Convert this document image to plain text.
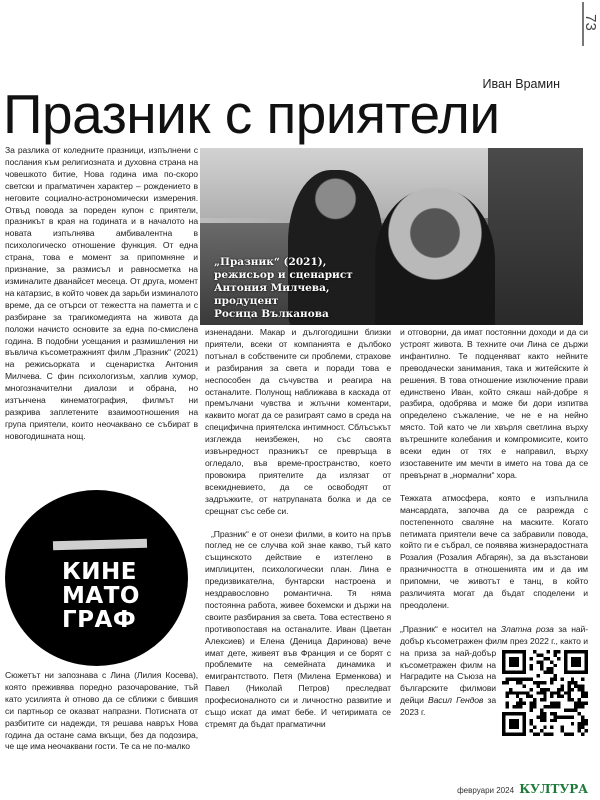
73
Иван Врамин
Празник с приятели

За разлика от коледните празници, изпълнени с послания към религиозната и духовна страна на човешкото битие, Нова година има по-скоро светски и прагматичен характер – рождението в неговите социално-астрономически измерения. Отвъд повода за пореден купон с приятели, празникът в края на годината и в началото на новата изпълнява амбивалентна в психологическо отношение функция. От една страна, това е момент за припомняне и признание, за размисъл и равносметка на изминалите дванайсет месеца. От друга, момент на катарзис, в който човек да зарьби изминалото време, да се отърси от тежестта на паметта и с разбиране за трагикомедията на живота да положи начисто основите за една по-смислена година. В подобни усещания и размишления ни въвлича късометражният филм „Празник“ (2021) на режисьорката и сценаристка Антония Милчева. С фин психологизъм, хаплив хумор, многозначителни диалози и обрана, но изтънчена кинематография, филмът ни разкрива заплетените взаимоотношения на група приятели, които неочаквано се събират в новогодишната нощ.

КИНЕ
МАТО
ГРАФ

Сюжетът ни запознава с Лина (Лилия Косева), която преживява поредно разочарование, тъй като усилията ѝ отново да се сближи с бившия си партньор се оказват напразни. Потисната от разбитите си надежди, тя решава навръх Нова година да остане сама вкъщи, без да подозира, че ще има неочаквани гости. Те са не по-малко

„Празник“ (2021),
режисьор и сценарист
Антония Милчева,
продуцент
Росица Вълканова

изненадани. Макар и дългогодишни близки приятели, всеки от компанията е дълбоко потънал в собствените си проблеми, страхове и разбирания за света и поради това е неспособен да съчувства и реагира на останалите. Полунощ наближава в каскада от премълчани чувства и жлъчни коментари, каквито могат да се разиграят само в среда на специфична приятелска интимност. Сблъсъкът изглежда неизбежен, но със своята извънредност празникът се превръща в огледало, във време-пространство, което провокира приятелите да излязат от всекидневието, да се освободят от задръжките, от натрупаната болка и да се срещнат със себе си.

„Празник“ е от онези филми, в които на пръв поглед не се случва кой знае какво, тъй като същинското действие е изтеглено в имплицитен, психологически план. Лина е предизвикателна, бунтарски настроена и нездравословно романтична. Тя няма постоянна работа, живее бохемски и държи на своите разбирания за света. Това естествено я противопоставя на останалите. Иван (Цветан Алексиев) и Елена (Деница Даринова) вече имат дете, живеят във Франция и се борят с проблемите на семейната динамика и емигрантството. Петя (Милена Ерменкова) и Павел (Николай Петров) преследват професионалното си и личностно развитие и също искат да имат бебе. И четиримата се стремят да бъдат прагматични

и отговорни, да имат постоянни доходи и да си устроят живота. В техните очи Лина се държи инфантилно. Те подценяват както нейните преводачески занимания, така и житейските ѝ решения. В това отношение изключение прави единствено Иван, който сякаш най-добре я разбира, одобрява и може би дори изпитва определено съжаление, че не е на нейно място. Той като че ли хвърля светлина върху вътрешните колебания и компромисите, които всеки един от тях е направил, върху изоставените им мечти в името на това да се превърнат в „нормални“ хора.

Тежката атмосфера, която е изпълнила мансардата, започва да се разрежда с постепенното сваляне на маските. Когато петимата приятели вече са забравили повода, който ги е събрал, се появява жизнерадостната Розалия (Розалия Абгарян), за да възстанови празничността в отношенията им и да им припомни, че животът е танц, в който различията могат да бъдат споделени и преодолени.

„Празник“ е носител на Златна роза за най-добър късометражен филм през 2022 г., както и на приза за най-добър късометражен филм на Наградите на Съюза на българските филмови дейци Васил Гендов за 2023 г.

февруари 2024 КУЛТУРА
